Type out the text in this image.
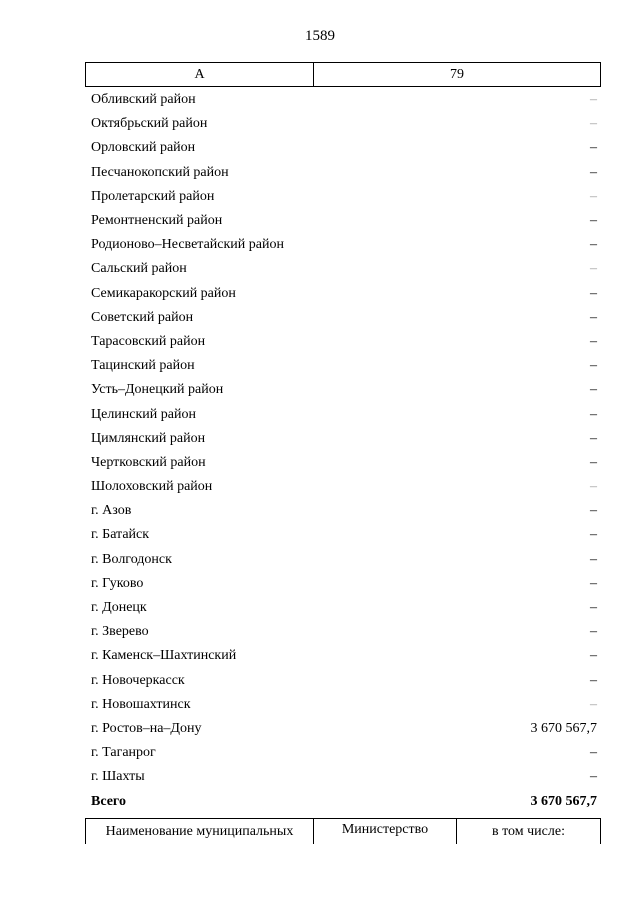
1589
А	79
Обливский район	–
Октябрьский район	–
Орловский район	–
Песчанокопский район	–
Пролетарский район	–
Ремонтненский район	–
Родионово–Несветайский район	–
Сальский район	–
Семикаракорский район	–
Советский район	–
Тарасовский район	–
Тацинский район	–
Усть–Донецкий район	–
Целинский район	–
Цимлянский район	–
Чертковский район	–
Шолоховский район	–
г. Азов	–
г. Батайск	–
г. Волгодонск	–
г. Гуково	–
г. Донецк	–
г. Зверево	–
г. Каменск–Шахтинский	–
г. Новочеркасск	–
г. Новошахтинск	–
г. Ростов–на–Дону	3 670 567,7
г. Таганрог	–
г. Шахты	–
Всего	3 670 567,7
Наименование муниципальных	Министерство	в том числе:
